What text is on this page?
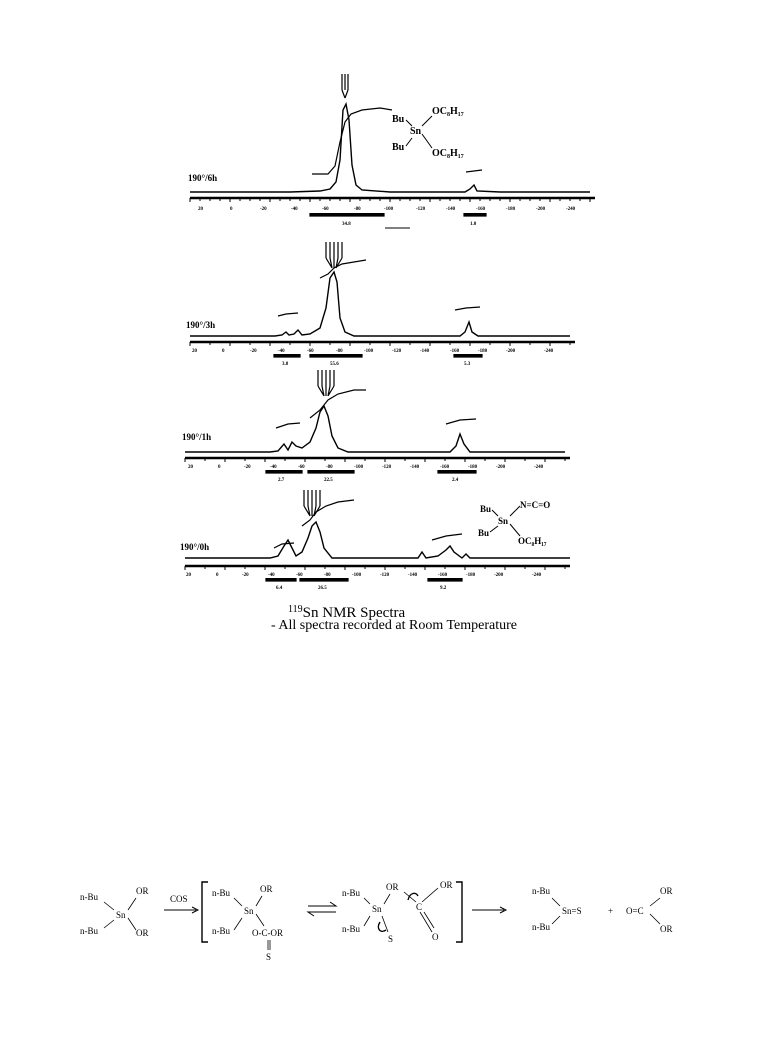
20	0	-20	-40	-60	-80	-100	-120	-140	-160	-180	-200	-240
34.8	1.0
Bu
Bu
Sn
OC₈H₁₇
OC₈H₁₇
190°/6h
20	0	-20	-40	-60	-80	-100	-120	-140	-160	-180	-200	-240
3.8	55.6	5.3
190°/3h
20	0	-20	-40	-60	-80	-100	-120	-140	-160	-180	-200	-240
2.7	22.5	2.4
190°/1h
20	0	-20	-40	-60	-80	-100	-120	-140	-160	-180	-200	-240
6.4	26.5	9.2
190°/0h
Bu
Bu
Sn
N=C=O
OC₈H₁₇
$^{119}$Sn NMR Spectra
- All spectra recorded at Room Temperature
n-Bu
n-Bu
Sn
OR
OR
COS
n-Bu
n-Bu
Sn
OR
O-C-OR
S
n-Bu
n-Bu
Sn
OR
C
OR
S	O
n-Bu
n-Bu
Sn=S	+ O=C
OR
OR
